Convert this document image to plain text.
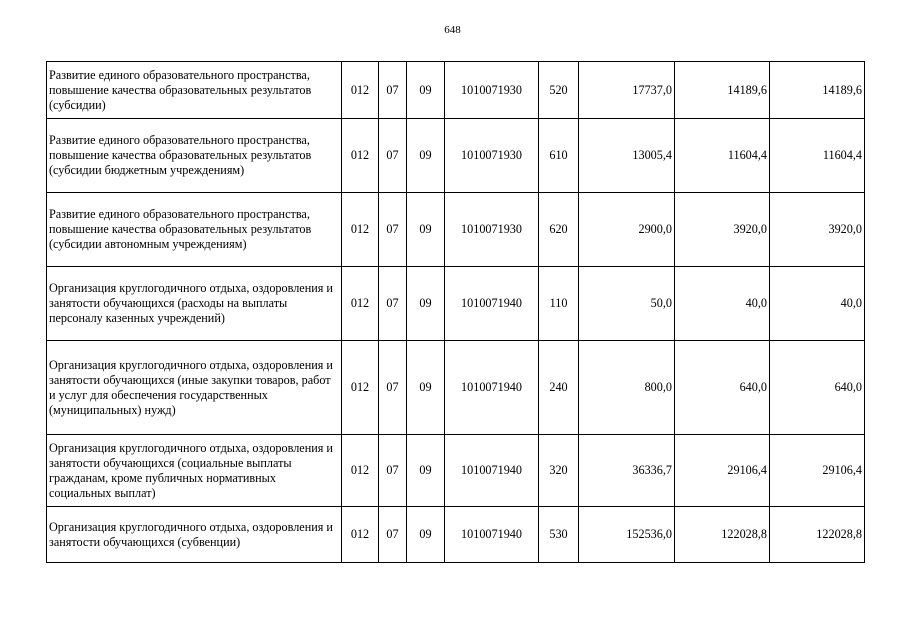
648
Развитие единого образовательного пространства, повышение качества образовательных результатов (субсидии)	012	07	09	1010071930	520	17737,0	14189,6	14189,6
Развитие единого образовательного пространства, повышение качества образовательных результатов (субсидии бюджетным учреждениям)	012	07	09	1010071930	610	13005,4	11604,4	11604,4
Развитие единого образовательного пространства, повышение качества образовательных результатов (субсидии автономным учреждениям)	012	07	09	1010071930	620	2900,0	3920,0	3920,0
Организация круглогодичного отдыха, оздоровления и занятости обучающихся (расходы на выплаты персоналу казенных учреждений)	012	07	09	1010071940	110	50,0	40,0	40,0
Организация круглогодичного отдыха, оздоровления и занятости обучающихся (иные закупки товаров, работ и услуг для обеспечения государственных (муниципальных) нужд)	012	07	09	1010071940	240	800,0	640,0	640,0
Организация круглогодичного отдыха, оздоровления и занятости обучающихся (социальные выплаты гражданам, кроме публичных нормативных социальных выплат)	012	07	09	1010071940	320	36336,7	29106,4	29106,4
Организация круглогодичного отдыха, оздоровления и занятости обучающихся (субвенции)	012	07	09	1010071940	530	152536,0	122028,8	122028,8
